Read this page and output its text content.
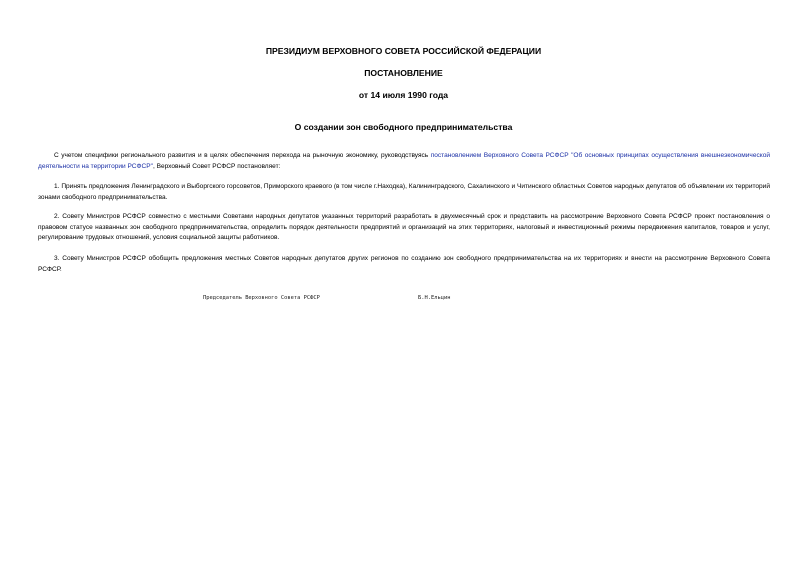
ПРЕЗИДИУМ ВЕРХОВНОГО СОВЕТА РОССИЙСКОЙ ФЕДЕРАЦИИ
ПОСТАНОВЛЕНИЕ
от 14 июля 1990 года
О создании зон свободного предпринимательства
С учетом специфики регионального развития и в целях обеспечения перехода на рыночную экономику, руководствуясь постановлением Верховного Совета РСФСР "Об основных принципах осуществления внешнеэкономической деятельности на территории РСФСР", Верховный Совет РСФСР постановляет:
1. Принять предложения Ленинградского и Выборгского горсоветов, Приморского краевого (в том числе г.Находка), Калининградского, Сахалинского и Читинского областных Советов народных депутатов об объявлении их территорий зонами свободного предпринимательства.
2. Совету Министров РСФСР совместно с местными Советами народных депутатов указанных территорий разработать в двухмесячный срок и представить на рассмотрение Верховного Совета РСФСР проект постановления о правовом статусе названных зон свободного предпринимательства, определить порядок деятельности предприятий и организаций на этих территориях, налоговый и инвестиционный режимы передвижения капиталов, товаров и услуг, регулирование трудовых отношений, условия социальной защиты работников.
3. Совету Министров РСФСР обобщить предложения местных Советов народных депутатов других регионов по созданию зон свободного предпринимательства на их территориях и внести на рассмотрение Верховного Совета РСФСР.
Председатель Верховного Совета РСФСР	Б.Н.Ельцин
